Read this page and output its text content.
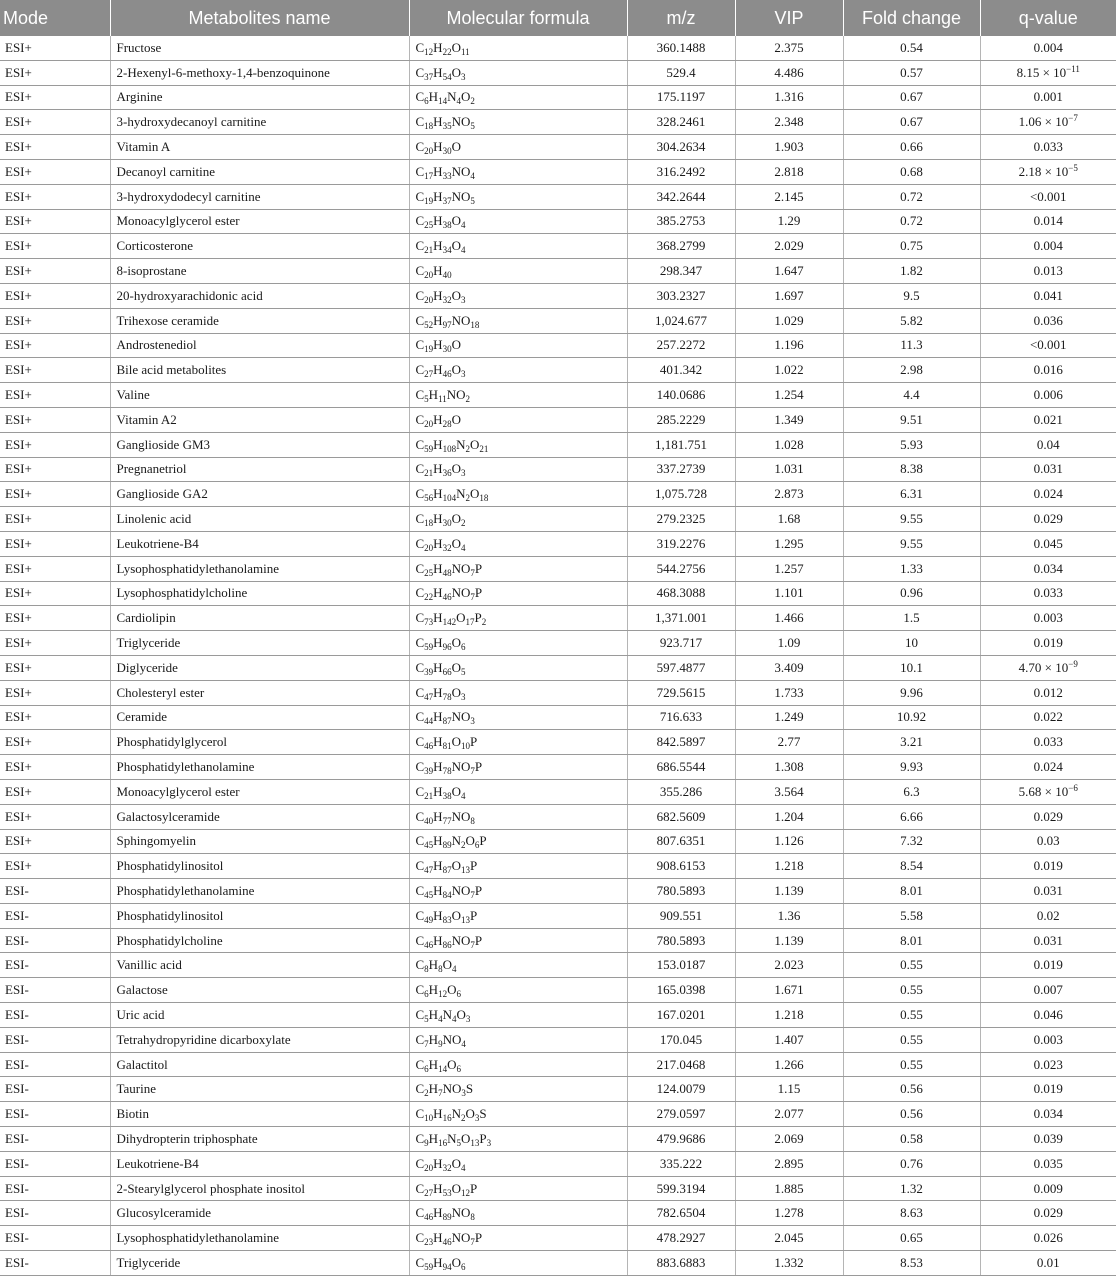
Mode	Metabolites name	Molecular formula	m/z	VIP	Fold change	q-value
ESI+	Fructose	$C_{12}H_{22}O_{11}$	360.1488	2.375	0.54	0.004
ESI+	2-Hexenyl-6-methoxy-1,4-benzoquinone	$C_{37}H_{54}O_3$	529.4	4.486	0.57	$8.15 \times 10^{-11}$
ESI+	Arginine	$C_6H_{14}N_4O_2$	175.1197	1.316	0.67	0.001
ESI+	3-hydroxydecanoyl carnitine	$C_{18}H_{35}NO_5$	328.2461	2.348	0.67	$1.06 \times 10^{-7}$
ESI+	Vitamin A	$C_{20}H_{30}O$	304.2634	1.903	0.66	0.033
ESI+	Decanoyl carnitine	$C_{17}H_{33}NO_4$	316.2492	2.818	0.68	$2.18 \times 10^{-5}$
ESI+	3-hydroxydodecyl carnitine	$C_{19}H_{37}NO_5$	342.2644	2.145	0.72	<0.001
ESI+	Monoacylglycerol ester	$C_{25}H_{38}O_4$	385.2753	1.29	0.72	0.014
ESI+	Corticosterone	$C_{21}H_{34}O_4$	368.2799	2.029	0.75	0.004
ESI+	8-isoprostane	$C_{20}H_{40}$	298.347	1.647	1.82	0.013
ESI+	20-hydroxyarachidonic acid	$C_{20}H_{32}O_3$	303.2327	1.697	9.5	0.041
ESI+	Trihexose ceramide	$C_{52}H_{97}NO_{18}$	1,024.677	1.029	5.82	0.036
ESI+	Androstenediol	$C_{19}H_{30}O$	257.2272	1.196	11.3	<0.001
ESI+	Bile acid metabolites	$C_{27}H_{46}O_3$	401.342	1.022	2.98	0.016
ESI+	Valine	$C_5H_{11}NO_2$	140.0686	1.254	4.4	0.006
ESI+	Vitamin A2	$C_{20}H_{28}O$	285.2229	1.349	9.51	0.021
ESI+	Ganglioside GM3	$C_{59}H_{108}N_2O_{21}$	1,181.751	1.028	5.93	0.04
ESI+	Pregnanetriol	$C_{21}H_{36}O_3$	337.2739	1.031	8.38	0.031
ESI+	Ganglioside GA2	$C_{56}H_{104}N_2O_{18}$	1,075.728	2.873	6.31	0.024
ESI+	Linolenic acid	$C_{18}H_{30}O_2$	279.2325	1.68	9.55	0.029
ESI+	Leukotriene-B4	$C_{20}H_{32}O_4$	319.2276	1.295	9.55	0.045
ESI+	Lysophosphatidylethanolamine	$C_{25}H_{48}NO_7P$	544.2756	1.257	1.33	0.034
ESI+	Lysophosphatidylcholine	$C_{22}H_{46}NO_7P$	468.3088	1.101	0.96	0.033
ESI+	Cardiolipin	$C_{73}H_{142}O_{17}P_2$	1,371.001	1.466	1.5	0.003
ESI+	Triglyceride	$C_{59}H_{96}O_6$	923.717	1.09	10	0.019
ESI+	Diglyceride	$C_{39}H_{66}O_5$	597.4877	3.409	10.1	$4.70 \times 10^{-9}$
ESI+	Cholesteryl ester	$C_{47}H_{78}O_3$	729.5615	1.733	9.96	0.012
ESI+	Ceramide	$C_{44}H_{87}NO_3$	716.633	1.249	10.92	0.022
ESI+	Phosphatidylglycerol	$C_{46}H_{81}O_{10}P$	842.5897	2.77	3.21	0.033
ESI+	Phosphatidylethanolamine	$C_{39}H_{78}NO_7P$	686.5544	1.308	9.93	0.024
ESI+	Monoacylglycerol ester	$C_{21}H_{38}O_4$	355.286	3.564	6.3	$5.68 \times 10^{-6}$
ESI+	Galactosylceramide	$C_{40}H_{77}NO_8$	682.5609	1.204	6.66	0.029
ESI+	Sphingomyelin	$C_{45}H_{89}N_2O_6P$	807.6351	1.126	7.32	0.03
ESI+	Phosphatidylinositol	$C_{47}H_{87}O_{13}P$	908.6153	1.218	8.54	0.019
ESI-	Phosphatidylethanolamine	$C_{45}H_{84}NO_7P$	780.5893	1.139	8.01	0.031
ESI-	Phosphatidylinositol	$C_{49}H_{83}O_{13}P$	909.551	1.36	5.58	0.02
ESI-	Phosphatidylcholine	$C_{46}H_{86}NO_7P$	780.5893	1.139	8.01	0.031
ESI-	Vanillic acid	$C_8H_8O_4$	153.0187	2.023	0.55	0.019
ESI-	Galactose	$C_6H_{12}O_6$	165.0398	1.671	0.55	0.007
ESI-	Uric acid	$C_5H_4N_4O_3$	167.0201	1.218	0.55	0.046
ESI-	Tetrahydropyridine dicarboxylate	$C_7H_9NO_4$	170.045	1.407	0.55	0.003
ESI-	Galactitol	$C_6H_{14}O_6$	217.0468	1.266	0.55	0.023
ESI-	Taurine	$C_2H_7NO_3S$	124.0079	1.15	0.56	0.019
ESI-	Biotin	$C_{10}H_{16}N_2O_3S$	279.0597	2.077	0.56	0.034
ESI-	Dihydropterin triphosphate	$C_9H_{16}N_5O_{13}P_3$	479.9686	2.069	0.58	0.039
ESI-	Leukotriene-B4	$C_{20}H_{32}O_4$	335.222	2.895	0.76	0.035
ESI-	2-Stearylglycerol phosphate inositol	$C_{27}H_{53}O_{12}P$	599.3194	1.885	1.32	0.009
ESI-	Glucosylceramide	$C_{46}H_{89}NO_8$	782.6504	1.278	8.63	0.029
ESI-	Lysophosphatidylethanolamine	$C_{23}H_{46}NO_7P$	478.2927	2.045	0.65	0.026
ESI-	Triglyceride	$C_{59}H_{94}O_6$	883.6883	1.332	8.53	0.01
